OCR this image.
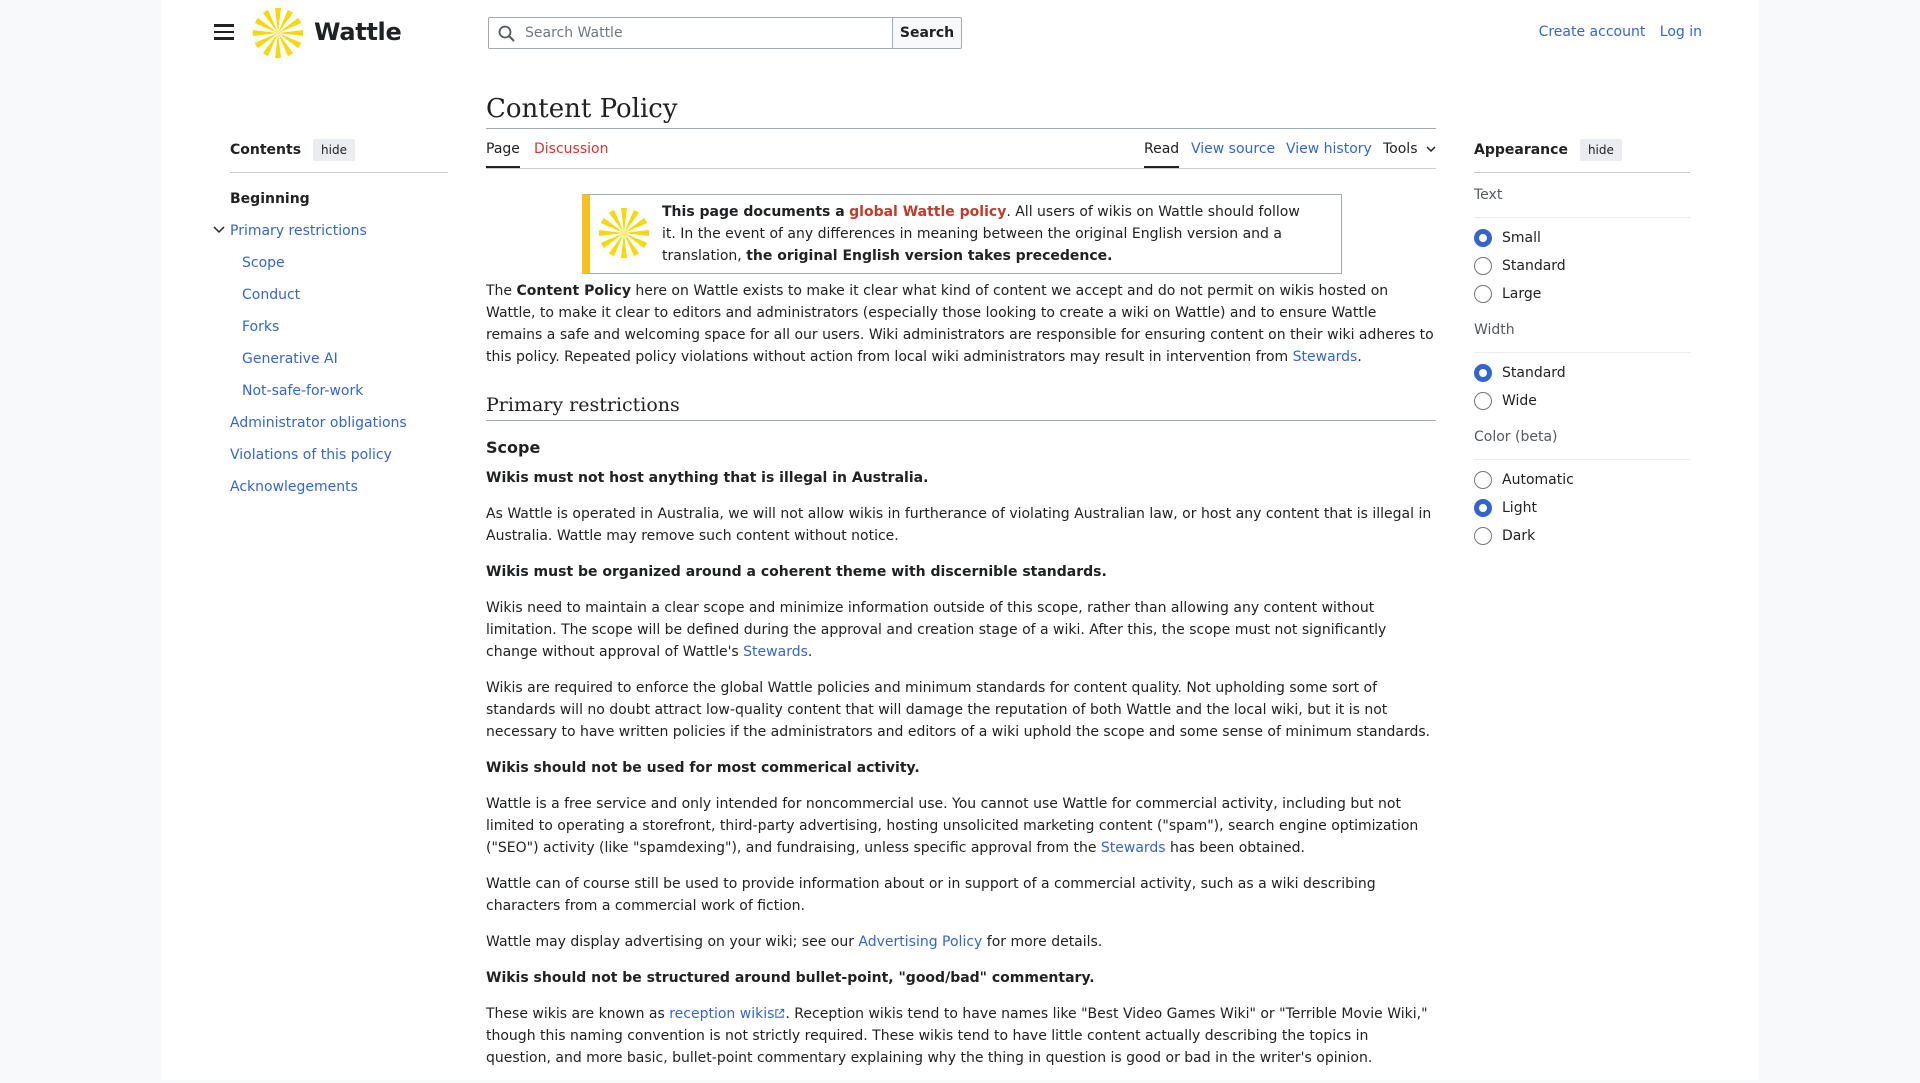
Wattle
Search Wattle	Search	Create account Log in
Contents	hide
Beginning
Primary restrictions
Scope
Conduct
Forks
Generative AI
Not-safe-for-work
Administrator obligations
Violations of this policy
Acknowlegements
Content Policy
Page Discussion	Read View source View history Tools
This page documents a global Wattle policy. All users of wikis on Wattle should follow it. In the event of any differences in meaning between the original English version and a translation, the original English version takes precedence.

The Content Policy here on Wattle exists to make it clear what kind of content we accept and do not permit on wikis hosted on Wattle, to make it clear to editors and administrators (especially those looking to create a wiki on Wattle) and to ensure Wattle remains a safe and welcoming space for all our users. Wiki administrators are responsible for ensuring content on their wiki adheres to this policy. Repeated policy violations without action from local wiki administrators may result in intervention from Stewards.

Primary restrictions
Scope

Wikis must not host anything that is illegal in Australia.

As Wattle is operated in Australia, we will not allow wikis in furtherance of violating Australian law, or host any content that is illegal in Australia. Wattle may remove such content without notice.

Wikis must be organized around a coherent theme with discernible standards.

Wikis need to maintain a clear scope and minimize information outside of this scope, rather than allowing any content without limitation. The scope will be defined during the approval and creation stage of a wiki. After this, the scope must not significantly change without approval of Wattle's Stewards.

Wikis are required to enforce the global Wattle policies and minimum standards for content quality. Not upholding some sort of standards will no doubt attract low-quality content that will damage the reputation of both Wattle and the local wiki, but it is not necessary to have written policies if the administrators and editors of a wiki uphold the scope and some sense of minimum standards.

Wikis should not be used for most commerical activity.

Wattle is a free service and only intended for noncommercial use. You cannot use Wattle for commercial activity, including but not limited to operating a storefront, third-party advertising, hosting unsolicited marketing content ("spam"), search engine optimization ("SEO") activity (like "spamdexing"), and fundraising, unless specific approval from the Stewards has been obtained.

Wattle can of course still be used to provide information about or in support of a commercial activity, such as a wiki describing characters from a commercial work of fiction.

Wattle may display advertising on your wiki; see our Advertising Policy for more details.

Wikis should not be structured around bullet-point, "good/bad" commentary.

These wikis are known as reception wikis . Reception wikis tend to have names like "Best Video Games Wiki" or "Terrible Movie Wiki," though this naming convention is not strictly required. These wikis tend to have little content actually describing the topics in question, and more basic, bullet-point commentary explaining why the thing in question is good or bad in the writer's opinion.

Appearance	hide
Text
Small
Standard
Large
Width
Standard
Wide
Color (beta)
Automatic
Light
Dark
